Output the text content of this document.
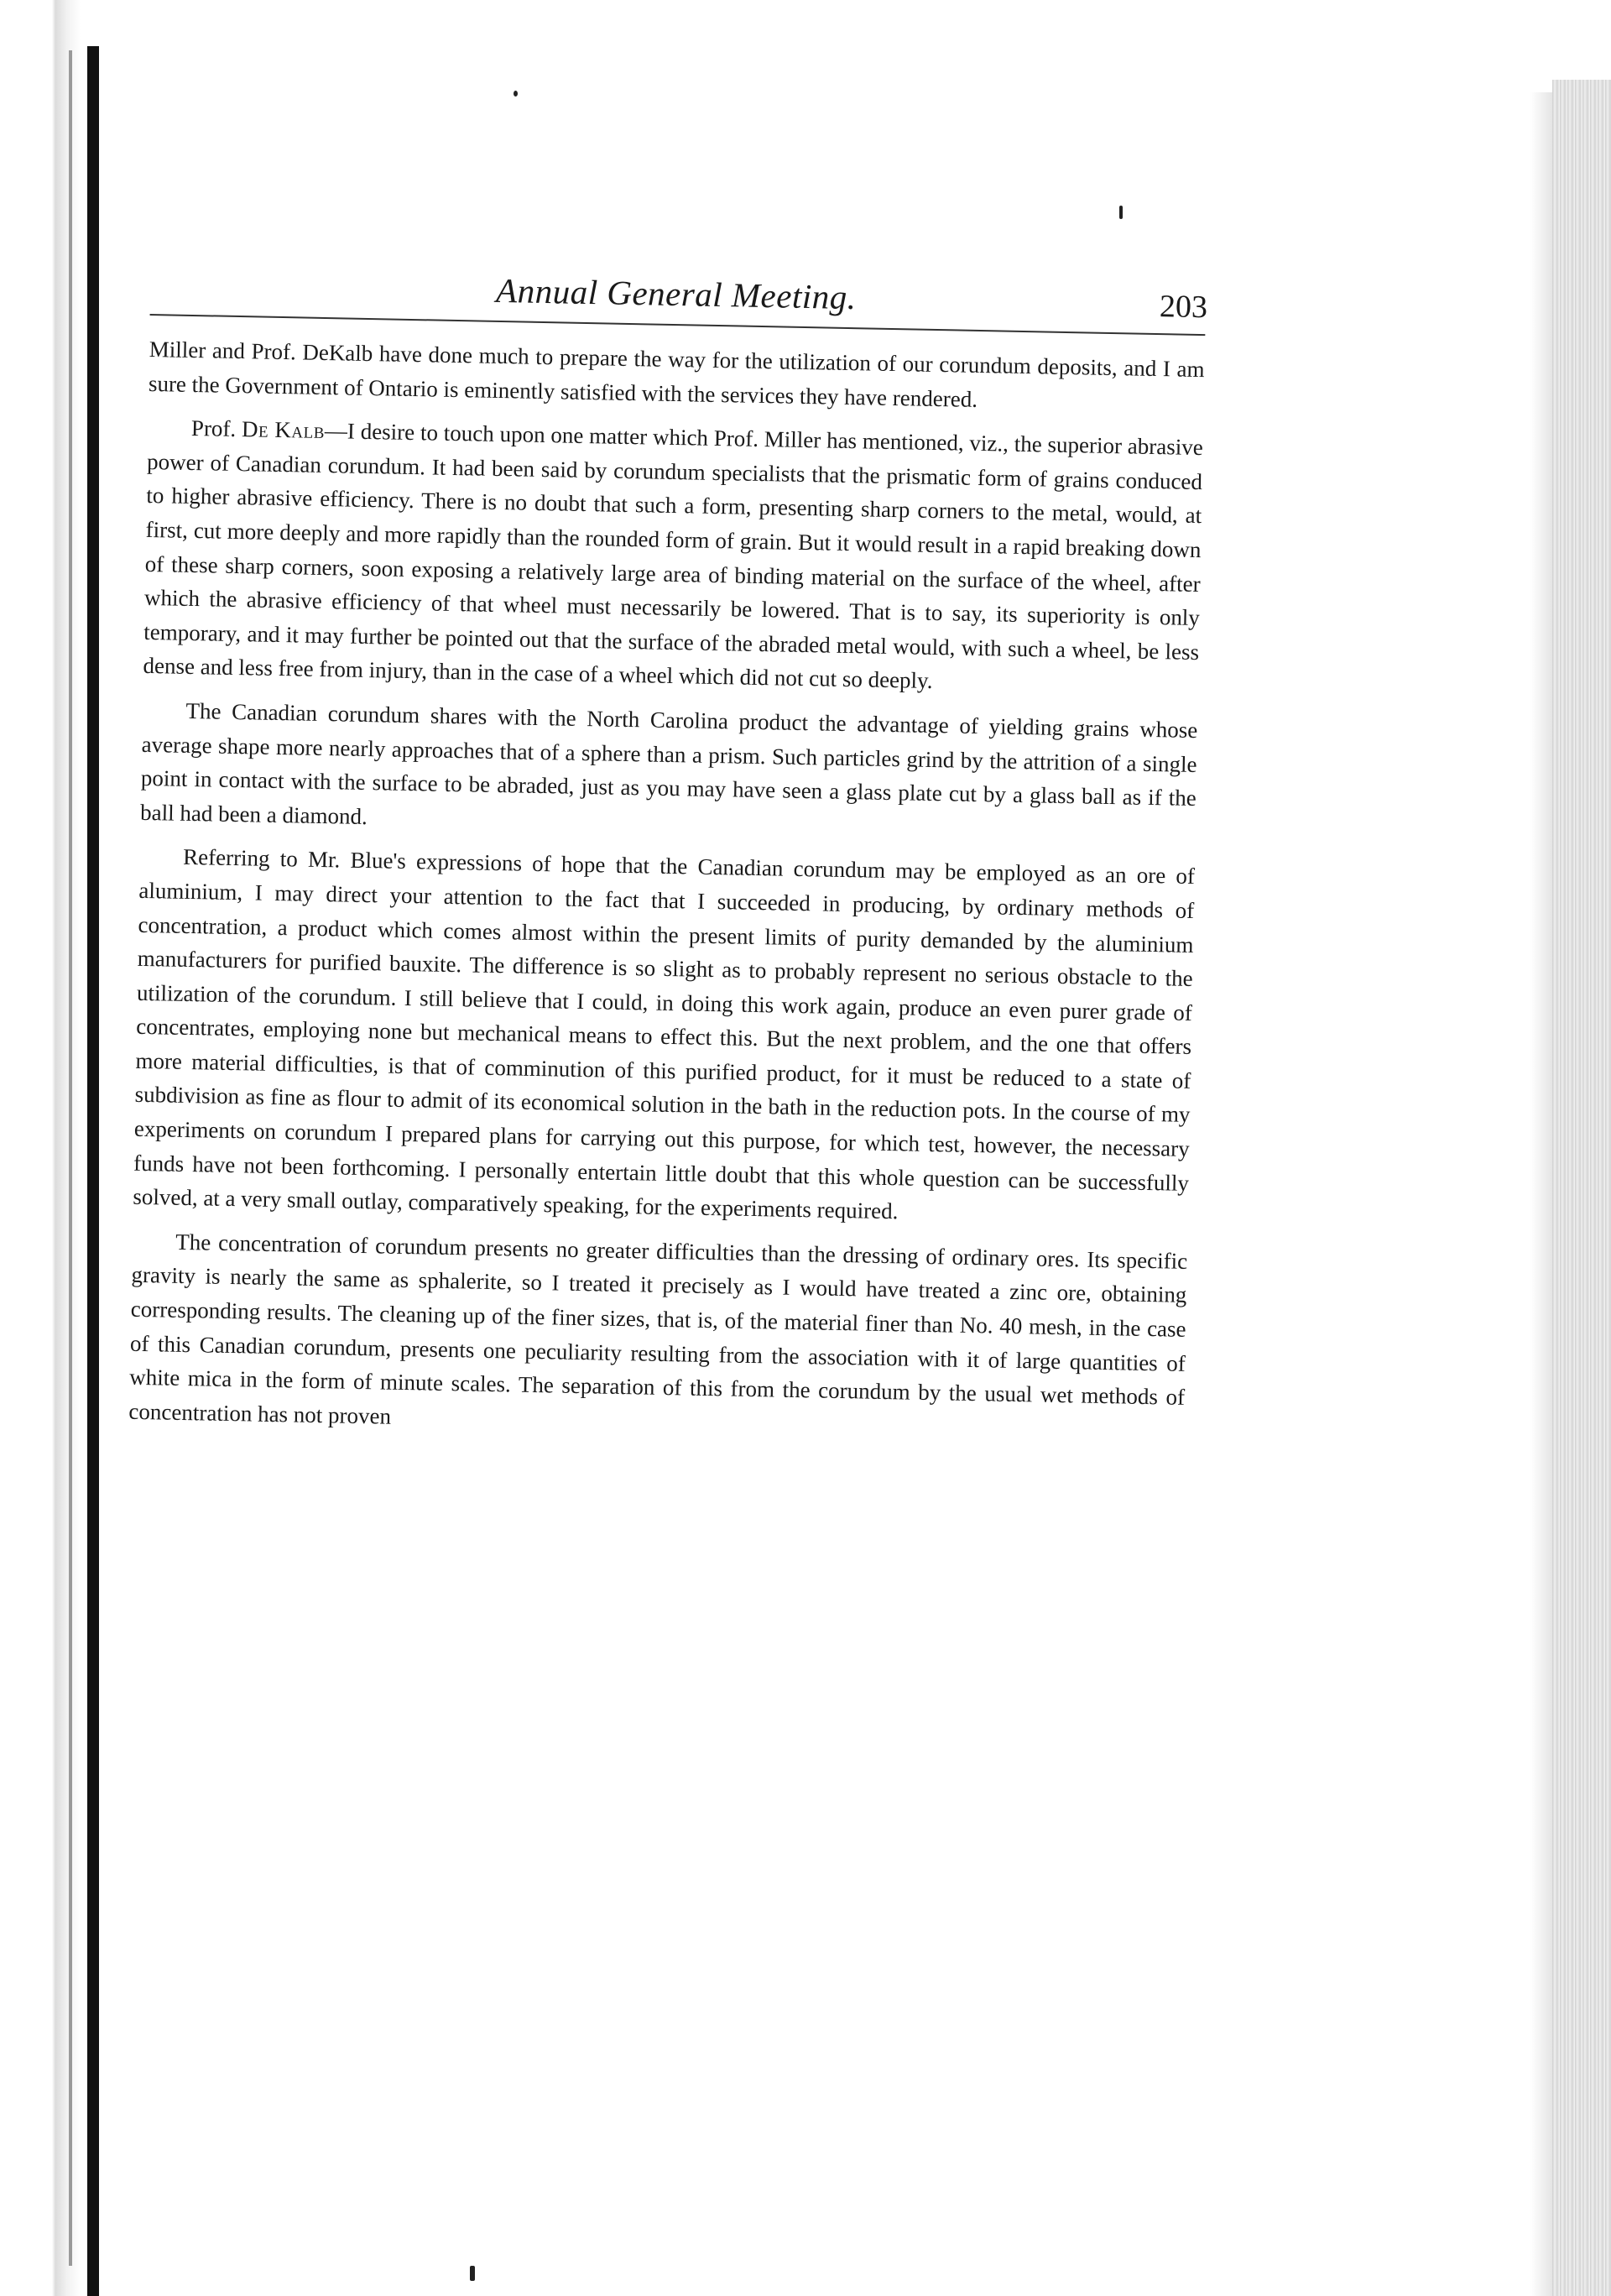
Annual General Meeting.	203

Miller and Prof. DeKalb have done much to prepare the way for the utilization of our corundum deposits, and I am sure the Government of Ontario is eminently satisfied with the services they have rendered.

Prof. De Kalb—I desire to touch upon one matter which Prof. Miller has mentioned, viz., the superior abrasive power of Canadian corundum. It had been said by corundum specialists that the prismatic form of grains conduced to higher abrasive efficiency. There is no doubt that such a form, presenting sharp corners to the metal, would, at first, cut more deeply and more rapidly than the rounded form of grain. But it would result in a rapid breaking down of these sharp corners, soon exposing a relatively large area of binding material on the surface of the wheel, after which the abrasive efficiency of that wheel must necessarily be lowered. That is to say, its superiority is only temporary, and it may further be pointed out that the surface of the abraded metal would, with such a wheel, be less dense and less free from injury, than in the case of a wheel which did not cut so deeply.

The Canadian corundum shares with the North Carolina product the advantage of yielding grains whose average shape more nearly approaches that of a sphere than a prism. Such particles grind by the attrition of a single point in contact with the surface to be abraded, just as you may have seen a glass plate cut by a glass ball as if the ball had been a diamond.

Referring to Mr. Blue's expressions of hope that the Canadian corundum may be employed as an ore of aluminium, I may direct your attention to the fact that I succeeded in producing, by ordinary methods of concentration, a product which comes almost within the present limits of purity demanded by the aluminium manufacturers for purified bauxite. The difference is so slight as to probably represent no serious obstacle to the utilization of the corundum. I still believe that I could, in doing this work again, produce an even purer grade of concentrates, employing none but mechanical means to effect this. But the next problem, and the one that offers more material difficulties, is that of comminution of this purified product, for it must be reduced to a state of subdivision as fine as flour to admit of its economical solution in the bath in the reduction pots. In the course of my experiments on corundum I prepared plans for carrying out this purpose, for which test, however, the necessary funds have not been forthcoming. I personally entertain little doubt that this whole question can be successfully solved, at a very small outlay, comparatively speaking, for the experiments required.

The concentration of corundum presents no greater difficulties than the dressing of ordinary ores. Its specific gravity is nearly the same as sphalerite, so I treated it precisely as I would have treated a zinc ore, obtaining corresponding results. The cleaning up of the finer sizes, that is, of the material finer than No. 40 mesh, in the case of this Canadian corundum, presents one peculiarity resulting from the association with it of large quantities of white mica in the form of minute scales. The separation of this from the corundum by the usual wet methods of concentration has not proven
